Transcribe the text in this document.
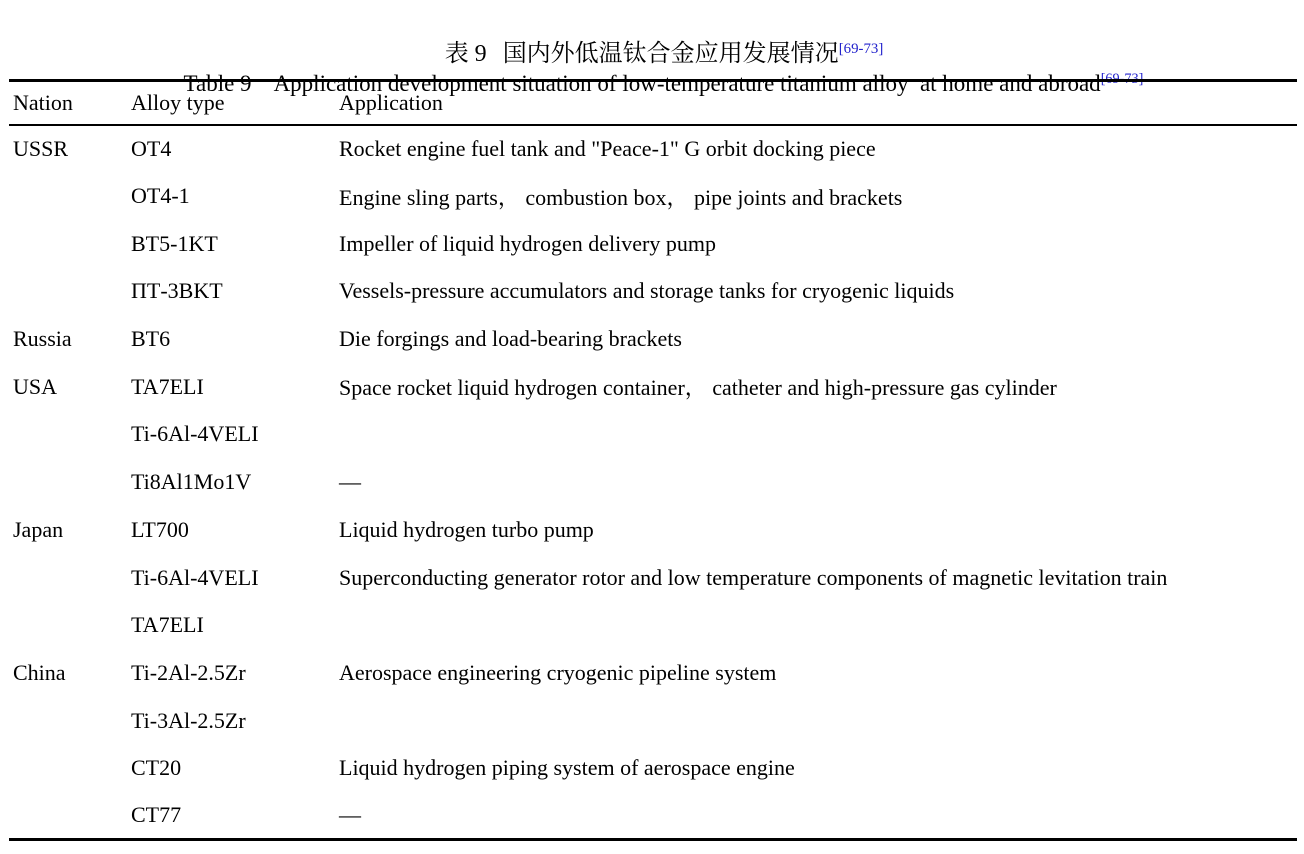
表 9 国内外低温钛合金应用发展情况[69-73]

Table 9 Application development situation of low-temperature titanium alloy  at home and abroad[69-73]

Nation	Alloy type	Application
USSR	OT4	Rocket engine fuel tank and "Peace-1" G orbit docking piece
	OT4-1	Engine sling parts， combustion box， pipe joints and brackets
	BT5-1KT	Impeller of liquid hydrogen delivery pump
	ПТ-3BKT	Vessels-pressure accumulators and storage tanks for cryogenic liquids
Russia	BT6	Die forgings and load-bearing brackets
USA	TA7ELI	Space rocket liquid hydrogen container， catheter and high-pressure gas cylinder
	Ti-6Al-4VELI	
	Ti8Al1Mo1V	—
Japan	LT700	Liquid hydrogen turbo pump
	Ti-6Al-4VELI	Superconducting generator rotor and low temperature components of magnetic levitation train
	TA7ELI	
China	Ti-2Al-2.5Zr	Aerospace engineering cryogenic pipeline system
	Ti-3Al-2.5Zr	
	CT20	Liquid hydrogen piping system of aerospace engine
	CT77	—
